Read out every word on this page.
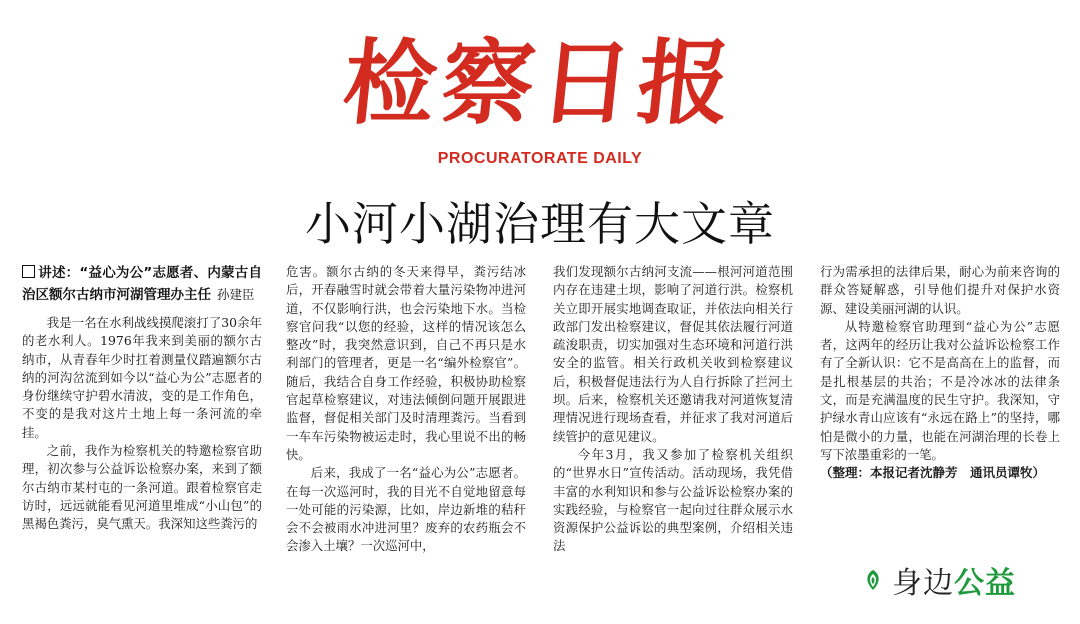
检察日报
PROCURATORATE DAILY
小河小湖治理有大文章
讲述：“益心为公”志愿者、内蒙古自治区额尔古纳市河湖管理办主任 孙建臣

我是一名在水利战线摸爬滚打了30余年的老水利人。1976年我来到美丽的额尔古纳市，从青春年少时扛着测量仪踏遍额尔古纳的河沟岔流到如今以“益心为公”志愿者的身份继续守护碧水清波，变的是工作角色，不变的是我对这片土地上每一条河流的牵挂。

之前，我作为检察机关的特邀检察官助理，初次参与公益诉讼检察办案，来到了额尔古纳市某村屯的一条河道。跟着检察官走访时，远远就能看见河道里堆成“小山包”的黑褐色粪污，臭气熏天。我深知这些粪污的

危害。额尔古纳的冬天来得早，粪污结冰后，开春融雪时就会带着大量污染物冲进河道，不仅影响行洪，也会污染地下水。当检察官问我“以您的经验，这样的情况该怎么整改”时，我突然意识到，自己不再只是水利部门的管理者，更是一名“编外检察官”。随后，我结合自身工作经验，积极协助检察官起草检察建议，对违法倾倒问题开展跟进监督，督促相关部门及时清理粪污。当看到一车车污染物被运走时，我心里说不出的畅快。

后来，我成了一名“益心为公”志愿者。在每一次巡河时，我的目光不自觉地留意每一处可能的污染源，比如，岸边新堆的秸秆会不会被雨水冲进河里？废弃的农药瓶会不会渗入土壤？一次巡河中，

我们发现额尔古纳河支流——根河河道范围内存在违建土坝，影响了河道行洪。检察机关立即开展实地调查取证，并依法向相关行政部门发出检察建议，督促其依法履行河道疏浚职责，切实加强对生态环境和河道行洪安全的监管。相关行政机关收到检察建议后，积极督促违法行为人自行拆除了拦河土坝。后来，检察机关还邀请我对河道恢复清理情况进行现场查看，并征求了我对河道后续管护的意见建议。

今年3月，我又参加了检察机关组织的“世界水日”宣传活动。活动现场，我凭借丰富的水利知识和参与公益诉讼检察办案的实践经验，与检察官一起向过往群众展示水资源保护公益诉讼的典型案例，介绍相关违法

行为需承担的法律后果，耐心为前来咨询的群众答疑解惑，引导他们提升对保护水资源、建设美丽河湖的认识。

从特邀检察官助理到“益心为公”志愿者，这两年的经历让我对公益诉讼检察工作有了全新认识：它不是高高在上的监督，而是扎根基层的共治；不是冷冰冰的法律条文，而是充满温度的民生守护。我深知，守护绿水青山应该有“永远在路上”的坚持，哪怕是微小的力量，也能在河湖治理的长卷上写下浓墨重彩的一笔。

（整理：本报记者沈静芳　通讯员谭牧）

身边 公益
